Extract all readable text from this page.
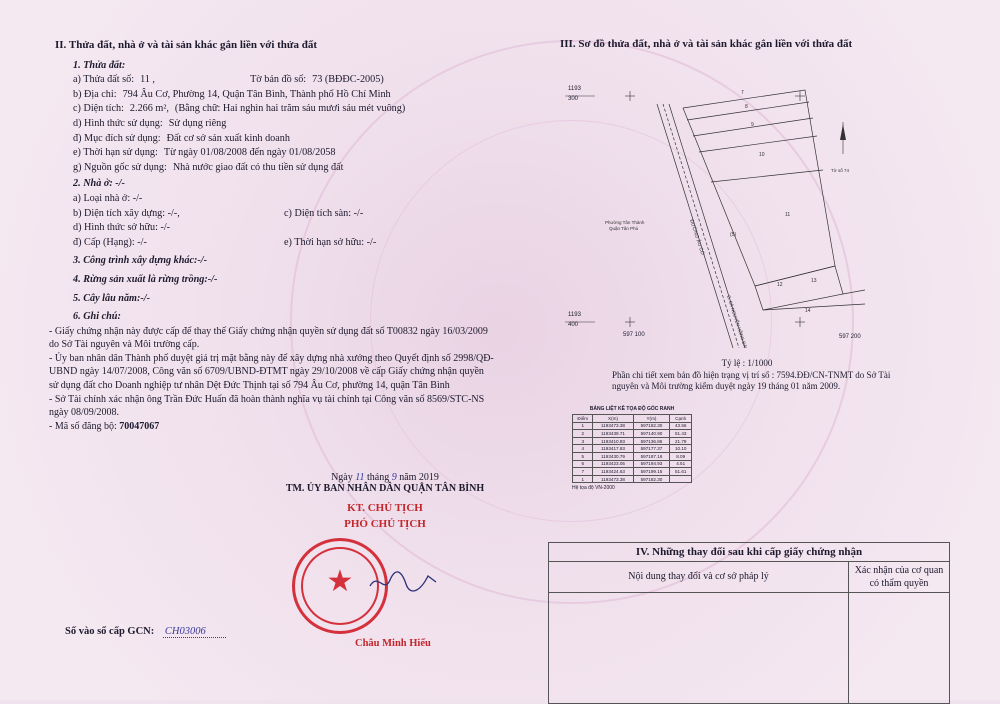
II. Thửa đất, nhà ở và tài sản khác gắn liền với thửa đất
1. Thửa đất:
a) Thửa đất số: 11 ,	Tờ bản đồ số: 73 (BĐĐC-2005)
b) Địa chỉ: 794 Âu Cơ, Phường 14, Quận Tân Bình, Thành phố Hồ Chí Minh
c) Diện tích: 2.266 m², (Bằng chữ: Hai nghìn hai trăm sáu mươi sáu mét vuông)
d) Hình thức sử dụng: Sử dụng riêng
đ) Mục đích sử dụng: Đất cơ sở sản xuất kinh doanh
e) Thời hạn sử dụng: Từ ngày 01/08/2008 đến ngày 01/08/2058
g) Nguồn gốc sử dụng: Nhà nước giao đất có thu tiền sử dụng đất
2. Nhà ở: -/-
a) Loại nhà ở: -/-
b) Diện tích xây dựng: -/-,	c) Diện tích sàn: -/-
d) Hình thức sở hữu: -/-
đ) Cấp (Hạng): -/-	e) Thời hạn sở hữu: -/-
3. Công trình xây dựng khác:-/-
4. Rừng sản xuất là rừng trồng:-/-
5. Cây lâu năm:-/-
6. Ghi chú:
- Giấy chứng nhận này được cấp để thay thế Giấy chứng nhận quyền sử dụng đất số T00832 ngày 16/03/2009 do Sở Tài nguyên và Môi trường cấp.
- Ủy ban nhân dân Thành phố duyệt giá trị mặt bằng này để xây dựng nhà xưởng theo Quyết định số 2998/QĐ-UBND ngày 14/07/2008, Công văn số 6709/UBND-ĐTMT ngày 29/10/2008 về cấp Giấy chứng nhận quyền sử dụng đất cho Doanh nghiệp tư nhân Dệt Đức Thịnh tại số 794 Âu Cơ, phường 14, quận Tân Bình
- Sở Tài chính xác nhận ông Trần Đức Huấn đã hoàn thành nghĩa vụ tài chính tại Công văn số 8569/STC-NS ngày 08/09/2008.
- Mã số đăng bộ: 70047067
Ngày 11 tháng 9 năm 2019
TM. ỦY BAN NHÂN DÂN QUẬN TÂN BÌNH
KT. CHỦ TỊCH
PHÓ CHỦ TỊCH
Châu Minh Hiếu
★
Số vào sổ cấp GCN: CH03006
III. Sơ đồ thửa đất, nhà ở và tài sản khác gắn liền với thửa đất
7
8
9
10
11
(5)
13
12
14
ĐƯỜNG ÂU CƠ
Đ. BÁ NGUYỄN HỒNG ĐÀO
Phường Tân Thành
Quận Tân Phú
Tờ số 74
1193
300
1193
400
597 100	597 200
Tỷ lệ : 1/1000
Phần chi tiết xem bản đồ hiện trạng vị trí số : 7594.ĐĐ/CN-TNMT do Sở Tài nguyên và Môi trường kiểm duyệt ngày 19 tháng 01 năm 2009.
BẢNG LIỆT KÊ TỌA ĐỘ GÓC RANH
Điểm	X(m)	Y(m)	Cạnh
1	1193473.38	597182.30	43.56
2	1193439.71	597140.90	51.43
3	1193410.83	597136.86	21.79
4	1193417.63	597177.37	10.10
5	1193430.79	597187.16	8.09
6	1193423.05	597194.93	4.51
7	1193424.63	597199.15	51.61
1	1193473.38	597182.30	
Hệ tọa độ VN-2000
IV. Những thay đổi sau khi cấp giấy chứng nhận
Nội dung thay đổi và cơ sở pháp lý
Xác nhận của cơ quan có thẩm quyền
